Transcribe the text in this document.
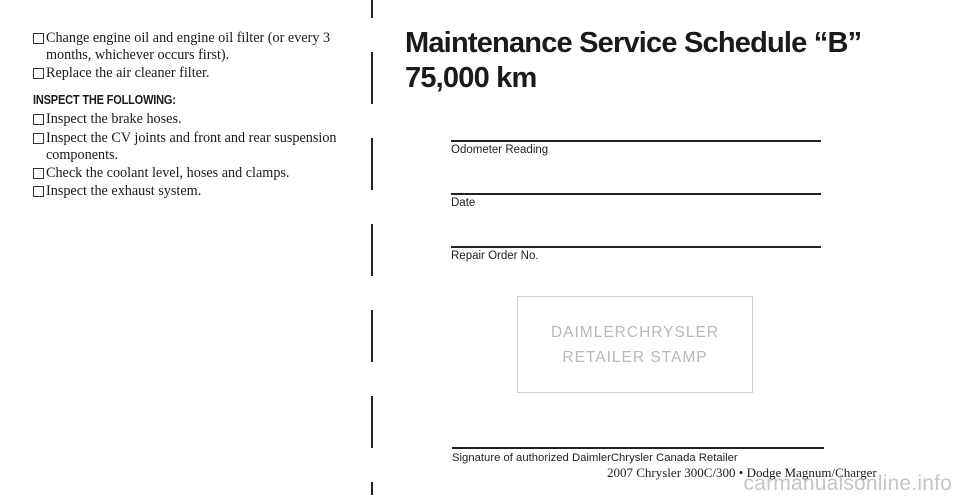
Change engine oil and engine oil filter (or every 3 months, whichever occurs first).
Replace the air cleaner filter.
INSPECT THE FOLLOWING:
Inspect the brake hoses.
Inspect the CV joints and front and rear suspension components.
Check the coolant level, hoses and clamps.
Inspect the exhaust system.
Maintenance Service Schedule “B”
75,000 km
Odometer Reading
Date
Repair Order No.
DAIMLERCHRYSLER
RETAILER STAMP
Signature of authorized DaimlerChrysler Canada Retailer
2007 Chrysler 300C/300 • Dodge Magnum/Charger
carmanualsonline.info
